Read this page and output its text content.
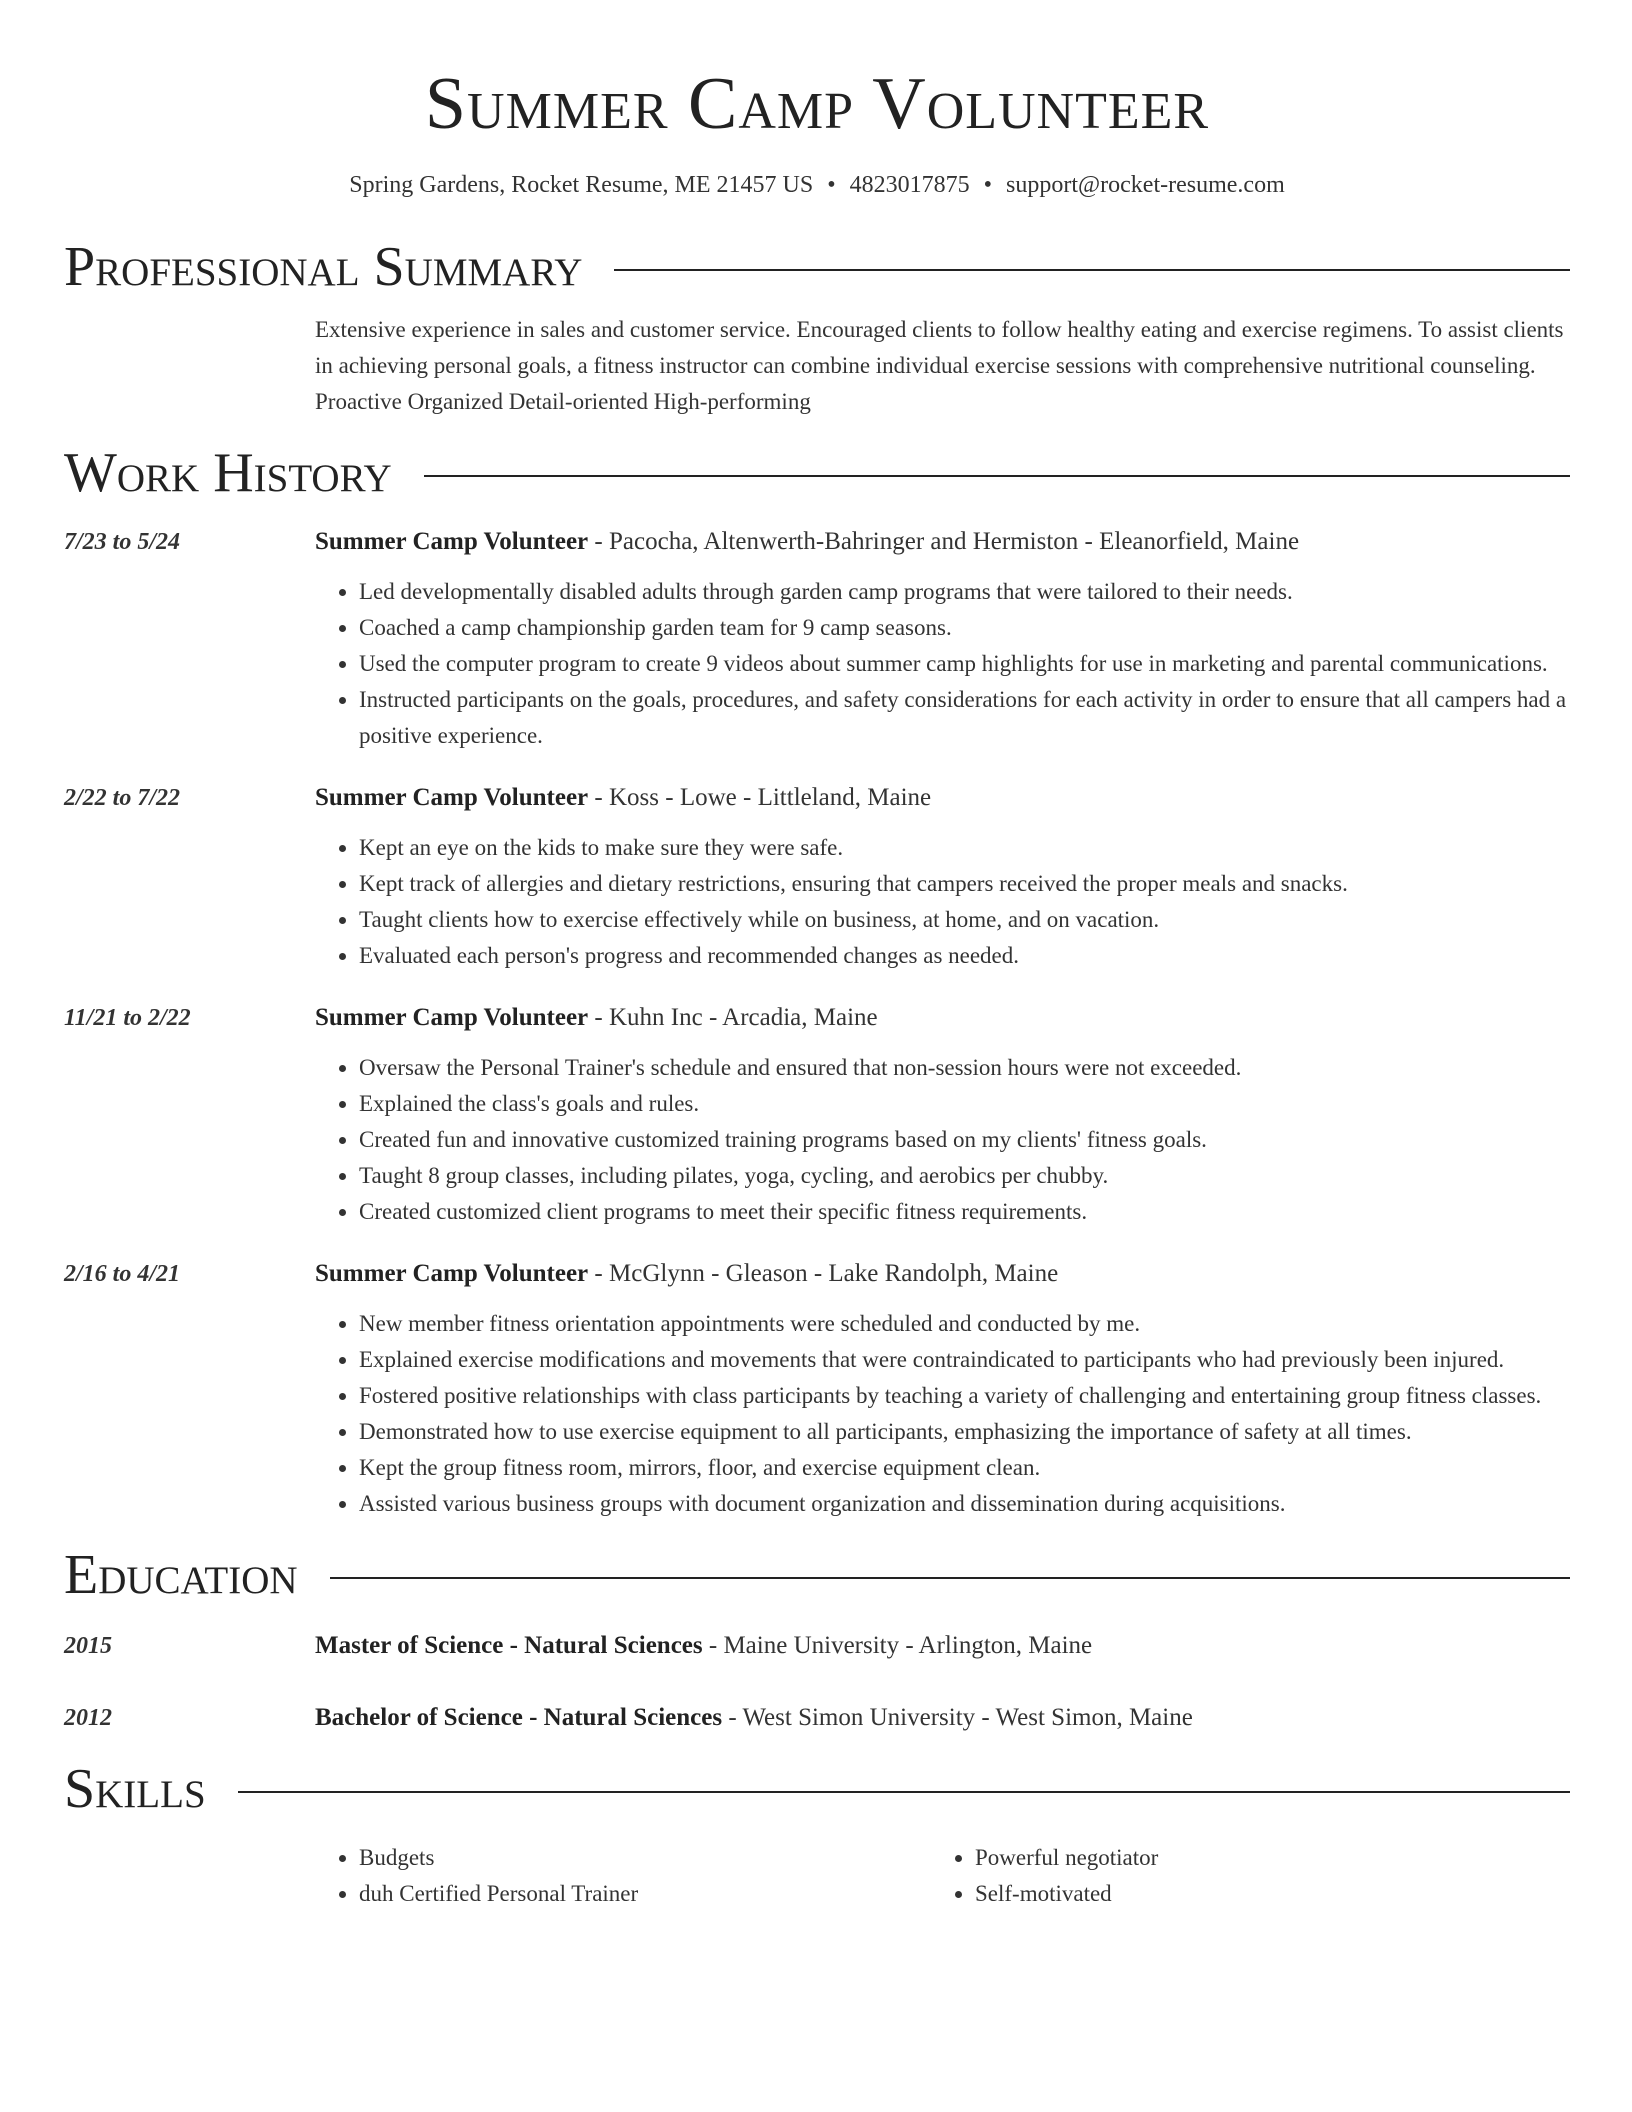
Summer Camp Volunteer
Spring Gardens, Rocket Resume, ME 21457 US • 4823017875 • support@rocket-resume.com
Professional Summary
Extensive experience in sales and customer service. Encouraged clients to follow healthy eating and exercise regimens. To assist clients in achieving personal goals, a fitness instructor can combine individual exercise sessions with comprehensive nutritional counseling. Proactive Organized Detail-oriented High-performing
Work History
7/23 to 5/24	Summer Camp Volunteer - Pacocha, Altenwerth-Bahringer and Hermiston - Eleanorfield, Maine
• Led developmentally disabled adults through garden camp programs that were tailored to their needs.
• Coached a camp championship garden team for 9 camp seasons.
• Used the computer program to create 9 videos about summer camp highlights for use in marketing and parental communications.
• Instructed participants on the goals, procedures, and safety considerations for each activity in order to ensure that all campers had a positive experience.
2/22 to 7/22	Summer Camp Volunteer - Koss - Lowe - Littleland, Maine
• Kept an eye on the kids to make sure they were safe.
• Kept track of allergies and dietary restrictions, ensuring that campers received the proper meals and snacks.
• Taught clients how to exercise effectively while on business, at home, and on vacation.
• Evaluated each person's progress and recommended changes as needed.
11/21 to 2/22	Summer Camp Volunteer - Kuhn Inc - Arcadia, Maine
• Oversaw the Personal Trainer's schedule and ensured that non-session hours were not exceeded.
• Explained the class's goals and rules.
• Created fun and innovative customized training programs based on my clients' fitness goals.
• Taught 8 group classes, including pilates, yoga, cycling, and aerobics per chubby.
• Created customized client programs to meet their specific fitness requirements.
2/16 to 4/21	Summer Camp Volunteer - McGlynn - Gleason - Lake Randolph, Maine
• New member fitness orientation appointments were scheduled and conducted by me.
• Explained exercise modifications and movements that were contraindicated to participants who had previously been injured.
• Fostered positive relationships with class participants by teaching a variety of challenging and entertaining group fitness classes.
• Demonstrated how to use exercise equipment to all participants, emphasizing the importance of safety at all times.
• Kept the group fitness room, mirrors, floor, and exercise equipment clean.
• Assisted various business groups with document organization and dissemination during acquisitions.
Education
2015	Master of Science - Natural Sciences - Maine University - Arlington, Maine
2012	Bachelor of Science - Natural Sciences - West Simon University - West Simon, Maine
Skills
• Budgets
• duh Certified Personal Trainer
• Powerful negotiator
• Self-motivated
